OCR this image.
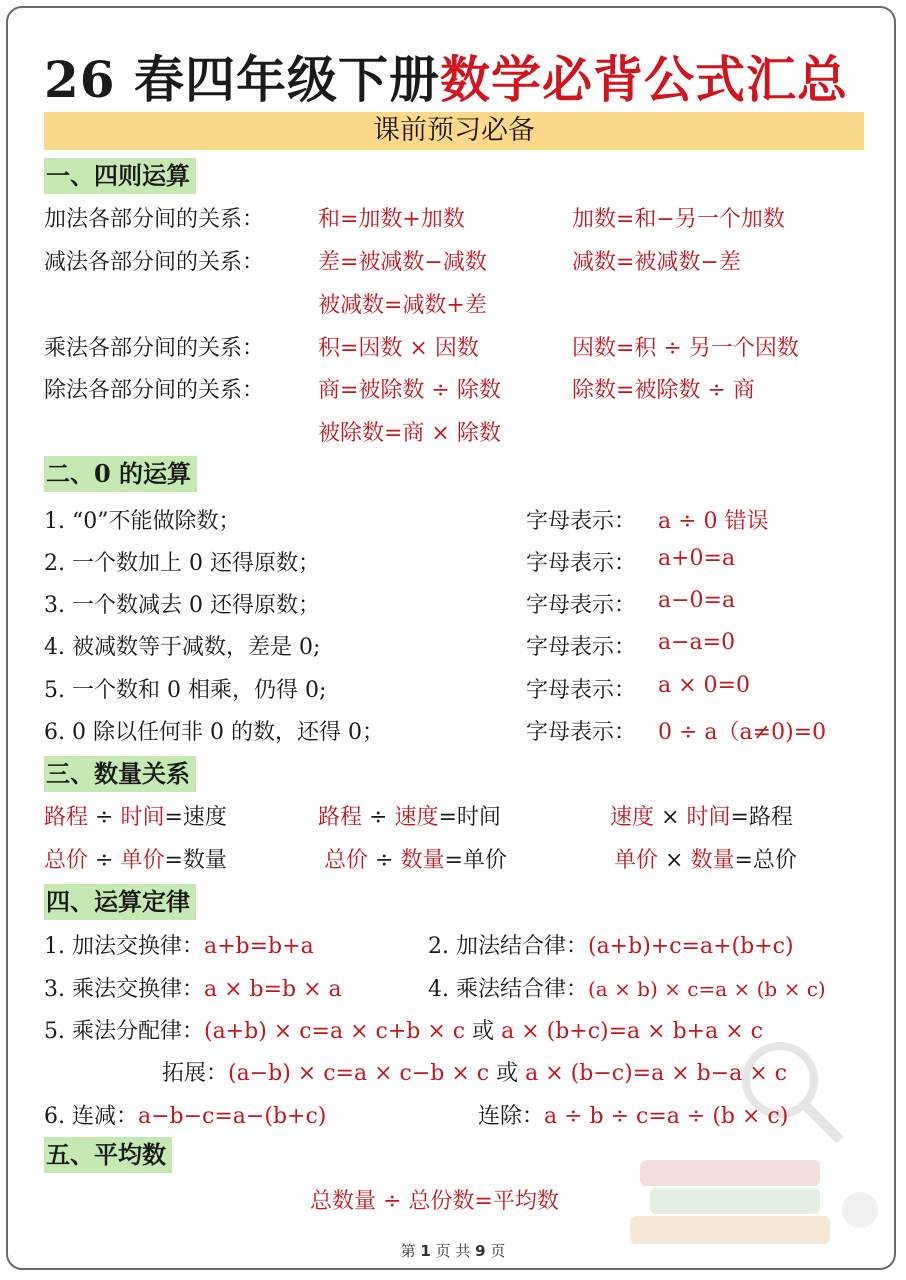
26 春四年级下册数学必背公式汇总
课前预习必备
一、四则运算
加法各部分间的关系： 和=加数+加数	加数=和−另一个加数
减法各部分间的关系： 差=被减数−减数	减数=被减数−差
被减数=减数+差
乘法各部分间的关系： 积=因数 × 因数	因数=积 ÷ 另一个因数
除法各部分间的关系： 商=被除数 ÷ 除数	除数=被除数 ÷ 商
被除数=商 × 除数
二、0 的运算
1. “0”不能做除数；	字母表示： a ÷ 0 错误
2. 一个数加上 0 还得原数；	字母表示： a+0=a
3. 一个数减去 0 还得原数；	字母表示： a−0=a
4. 被减数等于减数，差是 0;	字母表示： a−a=0
5. 一个数和 0 相乘，仍得 0;	字母表示： a × 0=0
6. 0 除以任何非 0 的数，还得 0；	字母表示： 0 ÷ a（a≠0)=0
三、数量关系
路程 ÷ 时间=速度	路程 ÷ 速度=时间	速度 × 时间=路程
总价 ÷ 单价=数量	总价 ÷ 数量=单价	单价 × 数量=总价
四、运算定律
1. 加法交换律：a+b=b+a	2. 加法结合律：(a+b)+c=a+(b+c)
3. 乘法交换律：a × b=b × a	4. 乘法结合律：(a × b) × c=a × (b × c)
5. 乘法分配律：(a+b) × c=a × c+b × c 或 a × (b+c)=a × b+a × c
拓展：(a−b) × c=a × c−b × c 或 a × (b−c)=a × b−a × c
6. 连减：a−b−c=a−(b+c)	连除：a ÷ b ÷ c=a ÷ (b × c)
五、平均数
总数量 ÷ 总份数=平均数
第 1 页 共 9 页
